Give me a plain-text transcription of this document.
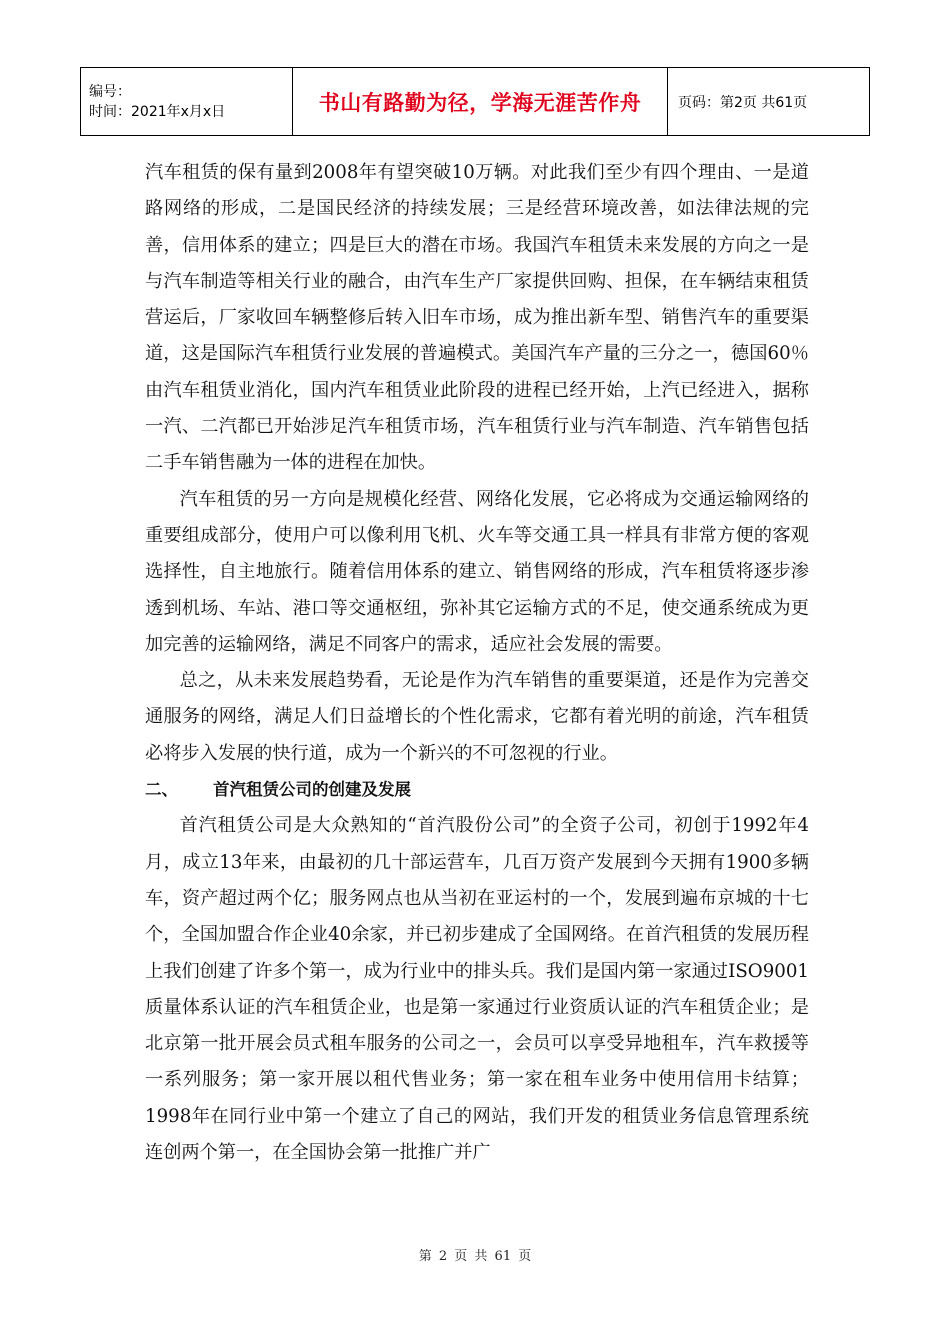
编号：
时间：2021年x月x日	书山有路勤为径，学海无涯苦作舟	页码：第2页 共61页

汽车租赁的保有量到2008年有望突破10万辆。对此我们至少有四个理由、一是道路网络的形成，二是国民经济的持续发展；三是经营环境改善，如法律法规的完善，信用体系的建立；四是巨大的潜在市场。我国汽车租赁未来发展的方向之一是与汽车制造等相关行业的融合，由汽车生产厂家提供回购、担保，在车辆结束租赁营运后，厂家收回车辆整修后转入旧车市场，成为推出新车型、销售汽车的重要渠道，这是国际汽车租赁行业发展的普遍模式。美国汽车产量的三分之一，德国60％由汽车租赁业消化，国内汽车租赁业此阶段的进程已经开始，上汽已经进入，据称一汽、二汽都已开始涉足汽车租赁市场，汽车租赁行业与汽车制造、汽车销售包括二手车销售融为一体的进程在加快。

汽车租赁的另一方向是规模化经营、网络化发展，它必将成为交通运输网络的重要组成部分，使用户可以像利用飞机、火车等交通工具一样具有非常方便的客观选择性，自主地旅行。随着信用体系的建立、销售网络的形成，汽车租赁将逐步渗透到机场、车站、港口等交通枢纽，弥补其它运输方式的不足，使交通系统成为更加完善的运输网络，满足不同客户的需求，适应社会发展的需要。

总之，从未来发展趋势看，无论是作为汽车销售的重要渠道，还是作为完善交通服务的网络，满足人们日益增长的个性化需求，它都有着光明的前途，汽车租赁必将步入发展的快行道，成为一个新兴的不可忽视的行业。

二、 首汽租赁公司的创建及发展

首汽租赁公司是大众熟知的“首汽股份公司”的全资子公司，初创于1992年4月，成立13年来，由最初的几十部运营车，几百万资产发展到今天拥有1900多辆车，资产超过两个亿；服务网点也从当初在亚运村的一个，发展到遍布京城的十七个，全国加盟合作企业40余家，并已初步建成了全国网络。在首汽租赁的发展历程上我们创建了许多个第一，成为行业中的排头兵。我们是国内第一家通过ISO9001质量体系认证的汽车租赁企业，也是第一家通过行业资质认证的汽车租赁企业；是北京第一批开展会员式租车服务的公司之一，会员可以享受异地租车，汽车救援等一系列服务；第一家开展以租代售业务；第一家在租车业务中使用信用卡结算；1998年在同行业中第一个建立了自己的网站，我们开发的租赁业务信息管理系统连创两个第一，在全国协会第一批推广并广

第 2 页 共 61 页
